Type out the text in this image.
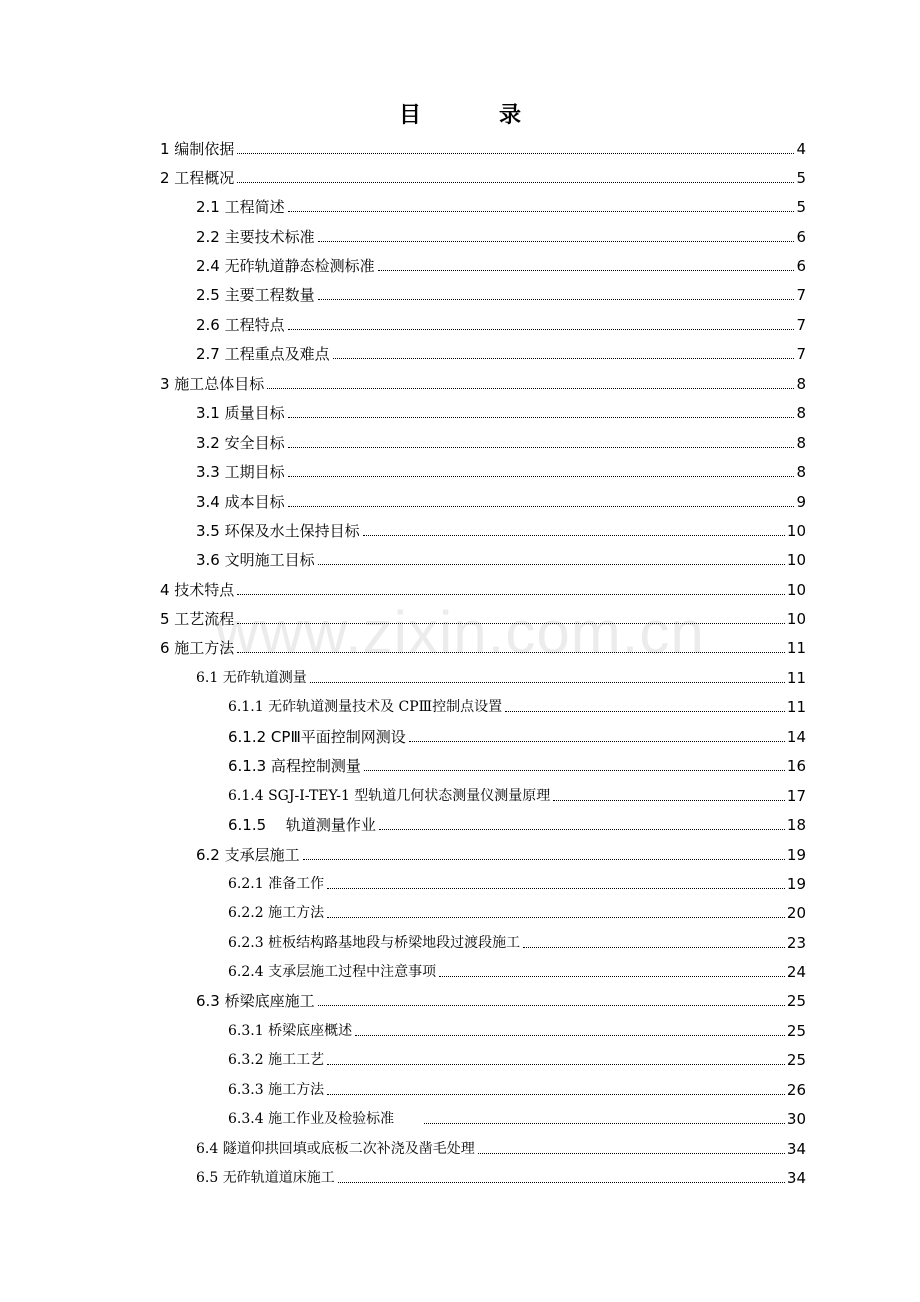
www.zixin.com.cn
目　录
1 编制依据	4
2 工程概况	5
2.1 工程简述	5
2.2 主要技术标准	6
2.4 无砟轨道静态检测标准	6
2.5 主要工程数量	7
2.6 工程特点	7
2.7 工程重点及难点	7
3 施工总体目标	8
3.1 质量目标	8
3.2 安全目标	8
3.3 工期目标	8
3.4 成本目标	9
3.5 环保及水土保持目标	10
3.6 文明施工目标	10
4 技术特点	10
5 工艺流程	10
6 施工方法	11
6.1 无砟轨道测量	11
6.1.1 无砟轨道测量技术及 CPⅢ控制点设置	11
6.1.2 CPⅢ平面控制网测设	14
6.1.3 高程控制测量	16
6.1.4 SGJ-I-TEY-1 型轨道几何状态测量仪测量原理	17
6.1.5　 轨道测量作业	18
6.2 支承层施工	19
6.2.1 准备工作	19
6.2.2 施工方法	20
6.2.3 桩板结构路基地段与桥梁地段过渡段施工	23
6.2.4 支承层施工过程中注意事项	24
6.3 桥梁底座施工	25
6.3.1 桥梁底座概述	25
6.3.2 施工工艺	25
6.3.3 施工方法	26
6.3.4 施工作业及检验标准	30
6.4 隧道仰拱回填或底板二次补浇及凿毛处理	34
6.5 无砟轨道道床施工	34
